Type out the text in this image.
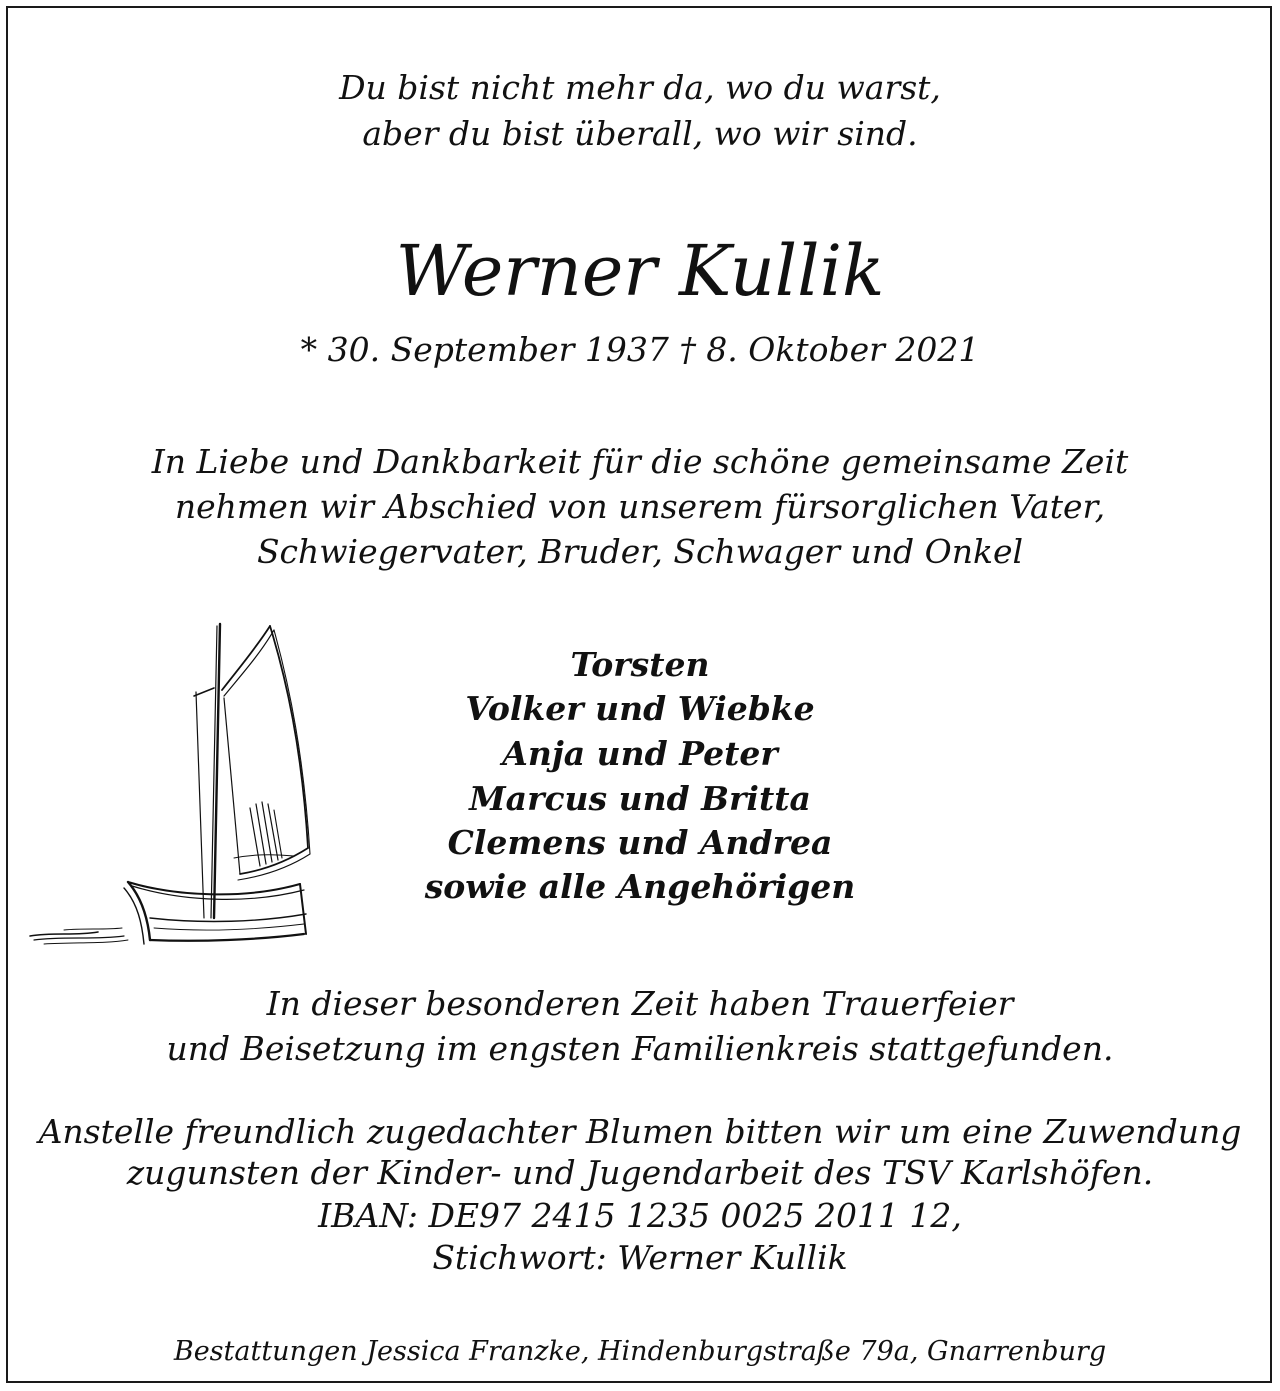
Du bist nicht mehr da, wo du warst,
aber du bist überall, wo wir sind.
Werner Kullik
* 30. September 1937 † 8. Oktober 2021
In Liebe und Dankbarkeit für die schöne gemeinsame Zeit
nehmen wir Abschied von unserem fürsorglichen Vater,
Schwiegervater, Bruder, Schwager und Onkel
Torsten
Volker und Wiebke
Anja und Peter
Marcus und Britta
Clemens und Andrea
sowie alle Angehörigen
In dieser besonderen Zeit haben Trauerfeier
und Beisetzung im engsten Familienkreis stattgefunden.
Anstelle freundlich zugedachter Blumen bitten wir um eine Zuwendung
zugunsten der Kinder- und Jugendarbeit des TSV Karlshöfen.
IBAN: DE97 2415 1235 0025 2011 12,
Stichwort: Werner Kullik
Bestattungen Jessica Franzke, Hindenburgstraße 79a, Gnarrenburg
